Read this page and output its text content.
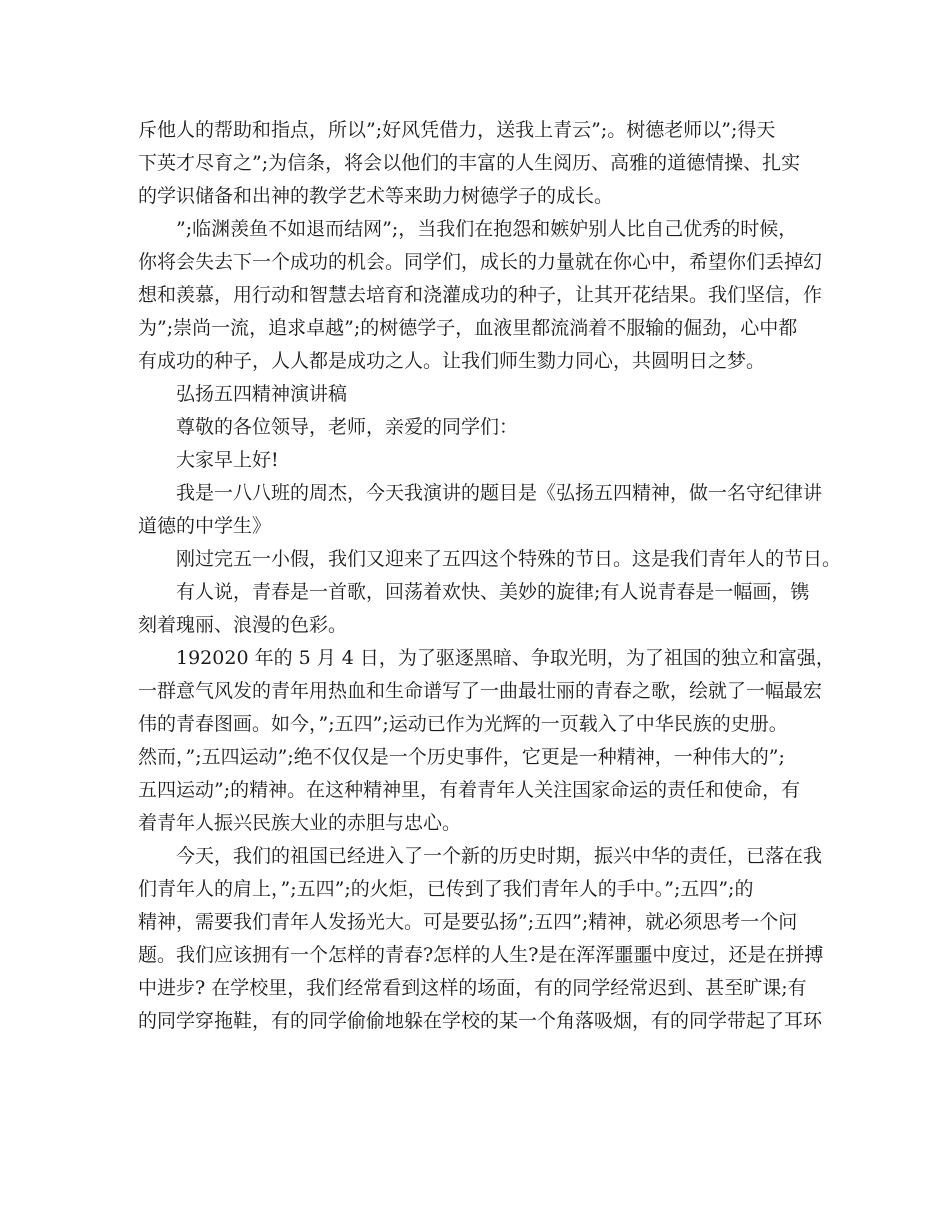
斥他人的帮助和指点，所以”;好风凭借力，送我上青云”;。树德老师以”;得天
下英才尽育之”;为信条，将会以他们的丰富的人生阅历、高雅的道德情操、扎实
的学识储备和出神的教学艺术等来助力树德学子的成长。
”;临渊羡鱼不如退而结网”;，当我们在抱怨和嫉妒别人比自己优秀的时候，
你将会失去下一个成功的机会。同学们，成长的力量就在你心中，希望你们丢掉幻
想和羡慕，用行动和智慧去培育和浇灌成功的种子，让其开花结果。我们坚信，作
为”;崇尚一流，追求卓越”;的树德学子，血液里都流淌着不服输的倔劲，心中都
有成功的种子，人人都是成功之人。让我们师生勠力同心，共圆明日之梦。
弘扬五四精神演讲稿
尊敬的各位领导，老师，亲爱的同学们：
大家早上好!
我是一八八班的周杰，今天我演讲的题目是《弘扬五四精神，做一名守纪律讲
道德的中学生》
刚过完五一小假，我们又迎来了五四这个特殊的节日。这是我们青年人的节日。
有人说，青春是一首歌，回荡着欢快、美妙的旋律;有人说青春是一幅画，镌
刻着瑰丽、浪漫的色彩。
192020 年的 5 月 4 日，为了驱逐黑暗、争取光明，为了祖国的独立和富强，
一群意气风发的青年用热血和生命谱写了一曲最壮丽的青春之歌，绘就了一幅最宏
伟的青春图画。如今，”;五四”;运动已作为光辉的一页载入了中华民族的史册。
然而，”;五四运动”;绝不仅仅是一个历史事件，它更是一种精神，一种伟大的”;
五四运动”;的精神。在这种精神里，有着青年人关注国家命运的责任和使命，有
着青年人振兴民族大业的赤胆与忠心。
今天，我们的祖国已经进入了一个新的历史时期，振兴中华的责任，已落在我
们青年人的肩上，”;五四”;的火炬，已传到了我们青年人的手中。”;五四”;的
精神，需要我们青年人发扬光大。可是要弘扬”;五四”;精神，就必须思考一个问
题。我们应该拥有一个怎样的青春?怎样的人生?是在浑浑噩噩中度过，还是在拼搏
中进步? 在学校里，我们经常看到这样的场面，有的同学经常迟到、甚至旷课;有
的同学穿拖鞋，有的同学偷偷地躲在学校的某一个角落吸烟，有的同学带起了耳环
